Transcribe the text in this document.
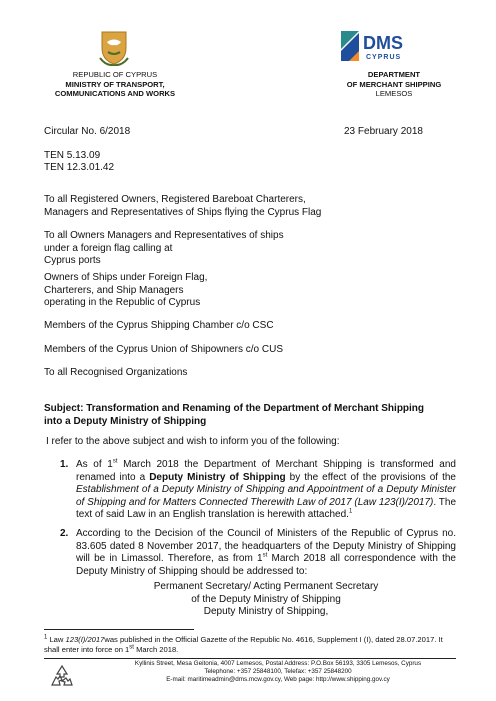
REPUBLIC OF CYPRUS
MINISTRY OF TRANSPORT,
COMMUNICATIONS AND WORKS
DMS
CYPRUS
DEPARTMENT
OF MERCHANT SHIPPING
LEMESOS
Circular No. 6/2018	23 February 2018
TEN 5.13.09
TEN 12.3.01.42
To all Registered Owners, Registered Bareboat Charterers,
Managers and Representatives of Ships flying the Cyprus Flag
To all Owners Managers and Representatives of ships
under a foreign flag calling at
Cyprus ports
Owners of Ships under Foreign Flag,
Charterers, and Ship Managers
operating in the Republic of Cyprus
Members of the Cyprus Shipping Chamber c/o CSC
Members of the Cyprus Union of Shipowners c/o CUS
To all Recognised Organizations
Subject: Transformation and Renaming of the Department of Merchant Shipping
into a Deputy Ministry of Shipping
I refer to the above subject and wish to inform you of the following:
1. As of 1st March 2018 the Department of Merchant Shipping is transformed and renamed into a Deputy Ministry of Shipping by the effect of the provisions of the Establishment of a Deputy Ministry of Shipping and Appointment of a Deputy Minister of Shipping and for Matters Connected Therewith Law of 2017 (Law 123(I)/2017). The text of said Law in an English translation is herewith attached.$^1$
2. According to the Decision of the Council of Ministers of the Republic of Cyprus no. 83.605 dated 8 November 2017, the headquarters of the Deputy Ministry of Shipping will be in Limassol. Therefore, as from 1st March 2018 all correspondence with the Deputy Ministry of Shipping should be addressed to:
Permanent Secretary/ Acting Permanent Secretary
of the Deputy Ministry of Shipping
Deputy Ministry of Shipping,
$^1$ Law 123(I)/2017was published in the Official Gazette of the Republic No. 4616, Supplement I (I), dated 28.07.2017. It shall enter into force on 1st March 2018.
Kyllinis Street, Mesa Geitonia, 4007 Lemesos, Postal Address: P.O.Box 56193, 3305 Lemesos, Cyprus
Telephone: +357 25848100, Telefax: +357 25848200
E-mail: maritimeadmin@dms.mcw.gov.cy, Web page: http://www.shipping.gov.cy
